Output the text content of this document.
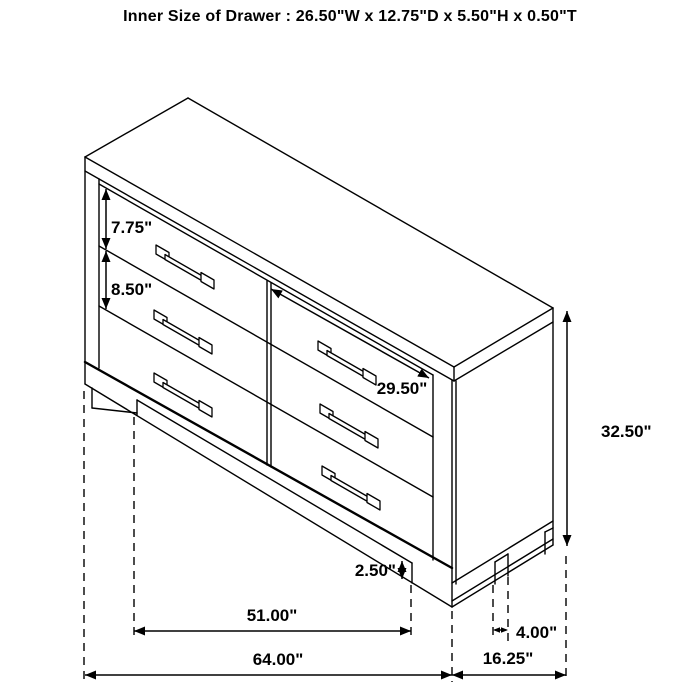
Inner Size of Drawer : 26.50"W x 12.75"D x 5.50"H x 0.50"T
7.75"
8.50"
29.50"
32.50"
2.50"
51.00"
4.00"
64.00"	16.25"
